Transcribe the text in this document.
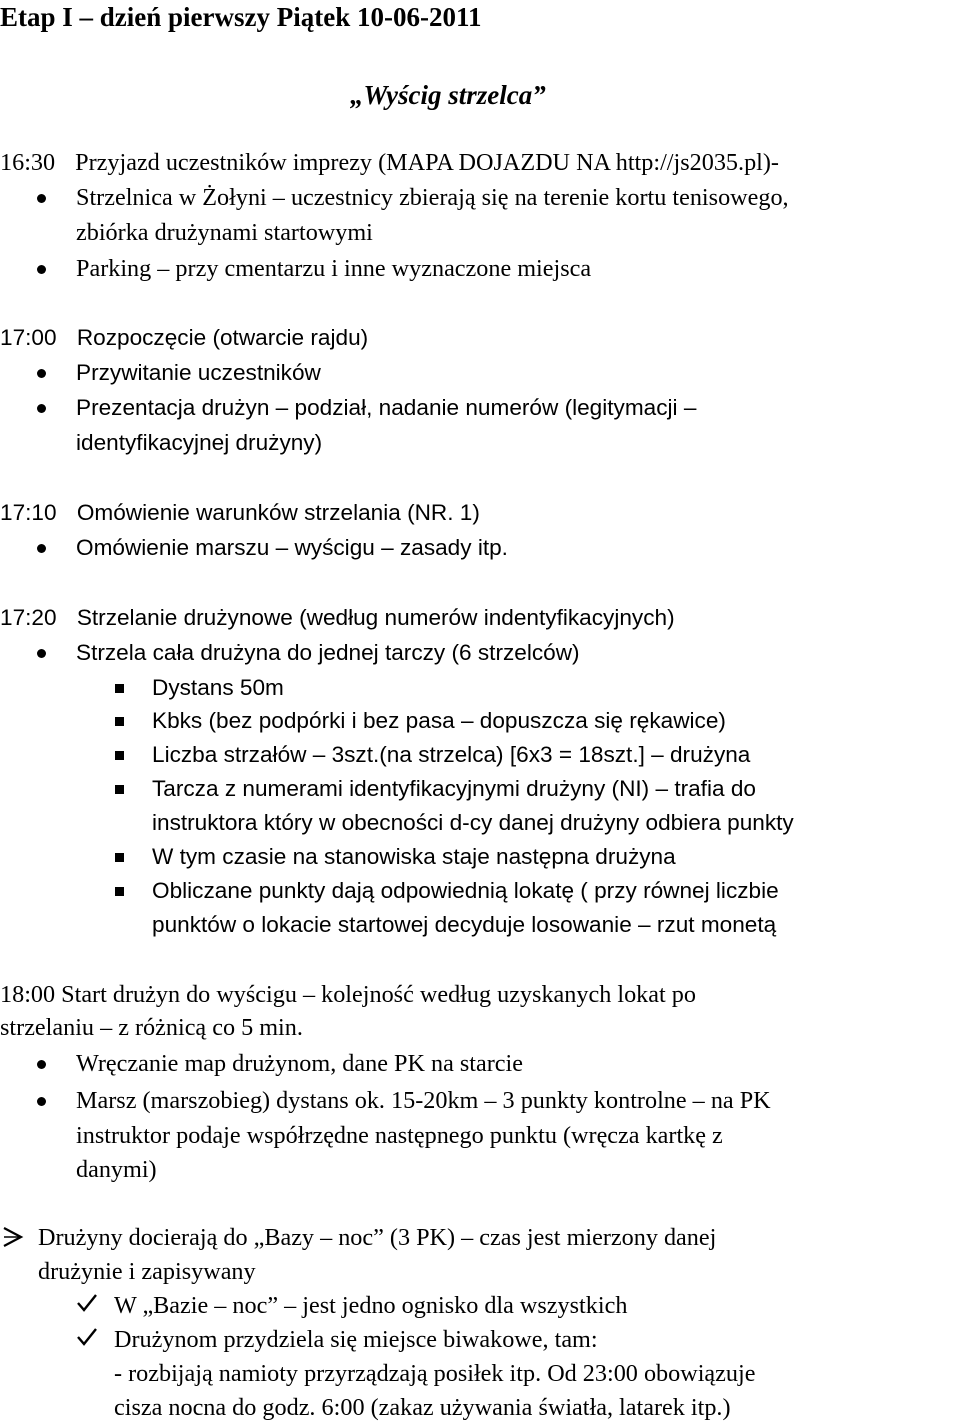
Etap I – dzień pierwszy Piątek 10-06-2011
„Wyścig strzelca”
16:30 Przyjazd uczestników imprezy (MAPA DOJAZDU NA http://js2035.pl)-
Strzelnica w Żołyni – uczestnicy zbierają się na terenie kortu tenisowego,
zbiórka drużynami startowymi
Parking – przy cmentarzu i inne wyznaczone miejsca
17:00 Rozpoczęcie (otwarcie rajdu)
Przywitanie uczestników
Prezentacja drużyn – podział, nadanie numerów (legitymacji –
identyfikacyjnej drużyny)
17:10 Omówienie warunków strzelania (NR. 1)
Omówienie marszu – wyścigu – zasady itp.
17:20 Strzelanie drużynowe (według numerów indentyfikacyjnych)
Strzela cała drużyna do jednej tarczy (6 strzelców)
Dystans 50m
Kbks (bez podpórki i bez pasa – dopuszcza się rękawice)
Liczba strzałów – 3szt.(na strzelca) [6x3 = 18szt.] – drużyna
Tarcza z numerami identyfikacyjnymi drużyny (NI) – trafia do
instruktora który w obecności d-cy danej drużyny odbiera punkty
W tym czasie na stanowiska staje następna drużyna
Obliczane punkty dają odpowiednią lokatę ( przy równej liczbie
punktów o lokacie startowej decyduje losowanie – rzut monetą
18:00 Start drużyn do wyścigu – kolejność według uzyskanych lokat po
strzelaniu – z różnicą co 5 min.
Wręczanie map drużynom, dane PK na starcie
Marsz (marszobieg) dystans ok. 15-20km – 3 punkty kontrolne – na PK
instruktor podaje współrzędne następnego punktu (wręcza kartkę z
danymi)
Drużyny docierają do „Bazy – noc” (3 PK) – czas jest mierzony danej
drużynie i zapisywany
W „Bazie – noc” – jest jedno ognisko dla wszystkich
Drużynom przydziela się miejsce biwakowe, tam:
- rozbijają namioty przyrządzają posiłek itp. Od 23:00 obowiązuje
cisza nocna do godz. 6:00 (zakaz używania światła, latarek itp.)
